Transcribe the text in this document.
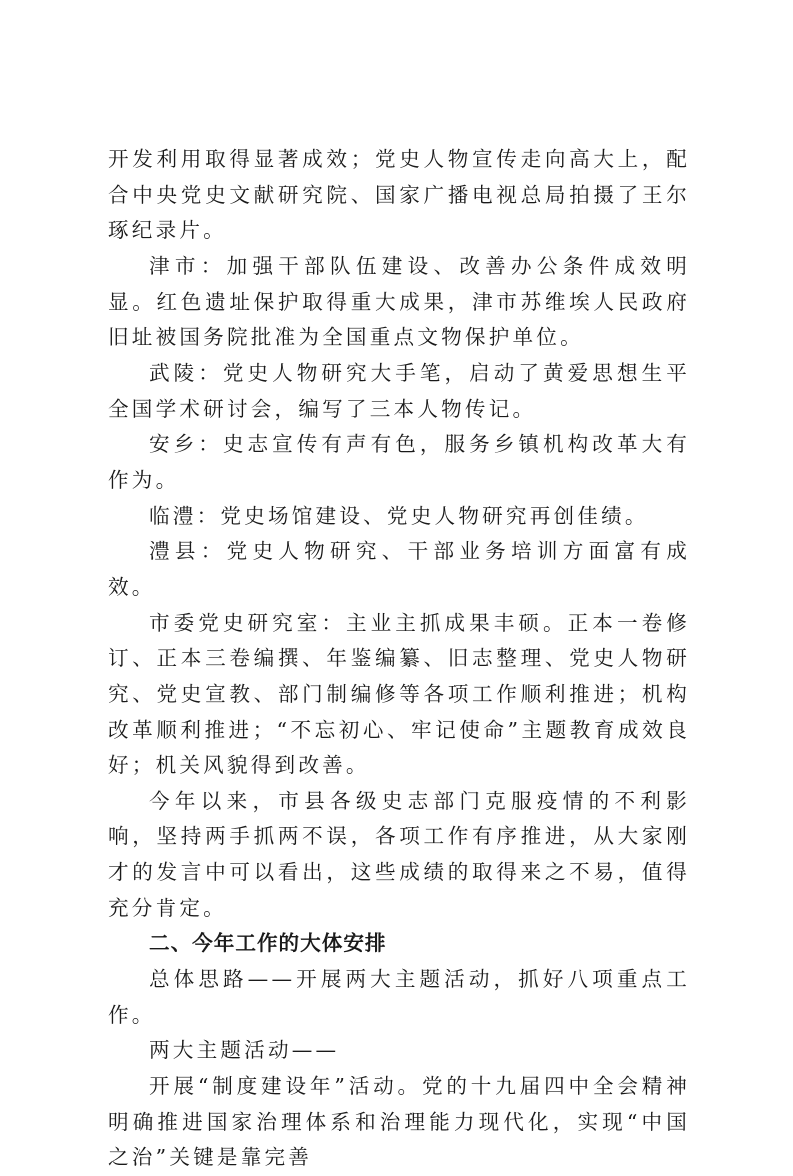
开发利用取得显著成效；党史人物宣传走向高大上，配合中央党史文献研究院、国家广播电视总局拍摄了王尔琢纪录片。

津市：加强干部队伍建设、改善办公条件成效明显。红色遗址保护取得重大成果，津市苏维埃人民政府旧址被国务院批准为全国重点文物保护单位。

武陵：党史人物研究大手笔，启动了黄爱思想生平全国学术研讨会，编写了三本人物传记。

安乡：史志宣传有声有色，服务乡镇机构改革大有作为。

临澧：党史场馆建设、党史人物研究再创佳绩。

澧县：党史人物研究、干部业务培训方面富有成效。

市委党史研究室：主业主抓成果丰硕。正本一卷修订、正本三卷编撰、年鉴编纂、旧志整理、党史人物研究、党史宣教、部门制编修等各项工作顺利推进；机构改革顺利推进；“不忘初心、牢记使命”主题教育成效良好；机关风貌得到改善。

今年以来，市县各级史志部门克服疫情的不利影响，坚持两手抓两不误，各项工作有序推进，从大家刚才的发言中可以看出，这些成绩的取得来之不易，值得充分肯定。

二、今年工作的大体安排

总体思路——开展两大主题活动，抓好八项重点工作。

两大主题活动——

开展“制度建设年”活动。党的十九届四中全会精神明确推进国家治理体系和治理能力现代化，实现“中国之治”关键是靠完善
